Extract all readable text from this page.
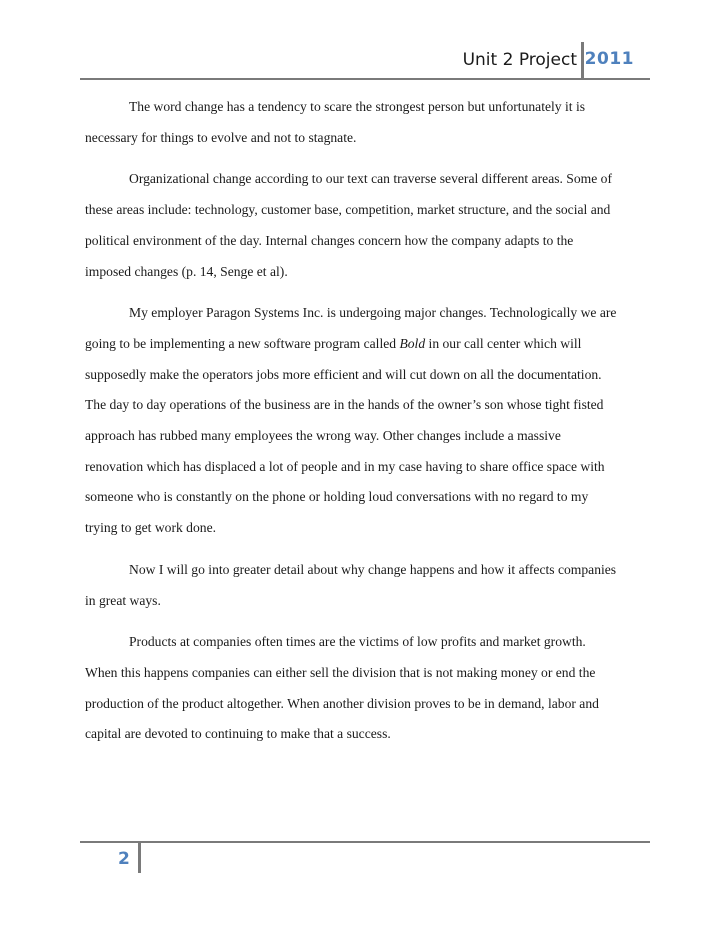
Unit 2 Project 2011

The word change has a tendency to scare the strongest person but unfortunately it is
necessary for things to evolve and not to stagnate.

Organizational change according to our text can traverse several different areas. Some of
these areas include: technology, customer base, competition, market structure, and the social and
political environment of the day. Internal changes concern how the company adapts to the
imposed changes (p. 14, Senge et al).

My employer Paragon Systems Inc. is undergoing major changes. Technologically we are
going to be implementing a new software program called Bold in our call center which will
supposedly make the operators jobs more efficient and will cut down on all the documentation.
The day to day operations of the business are in the hands of the owner’s son whose tight fisted
approach has rubbed many employees the wrong way. Other changes include a massive
renovation which has displaced a lot of people and in my case having to share office space with
someone who is constantly on the phone or holding loud conversations with no regard to my
trying to get work done.

Now I will go into greater detail about why change happens and how it affects companies
in great ways.

Products at companies often times are the victims of low profits and market growth.
When this happens companies can either sell the division that is not making money or end the
production of the product altogether. When another division proves to be in demand, labor and
capital are devoted to continuing to make that a success.

2
